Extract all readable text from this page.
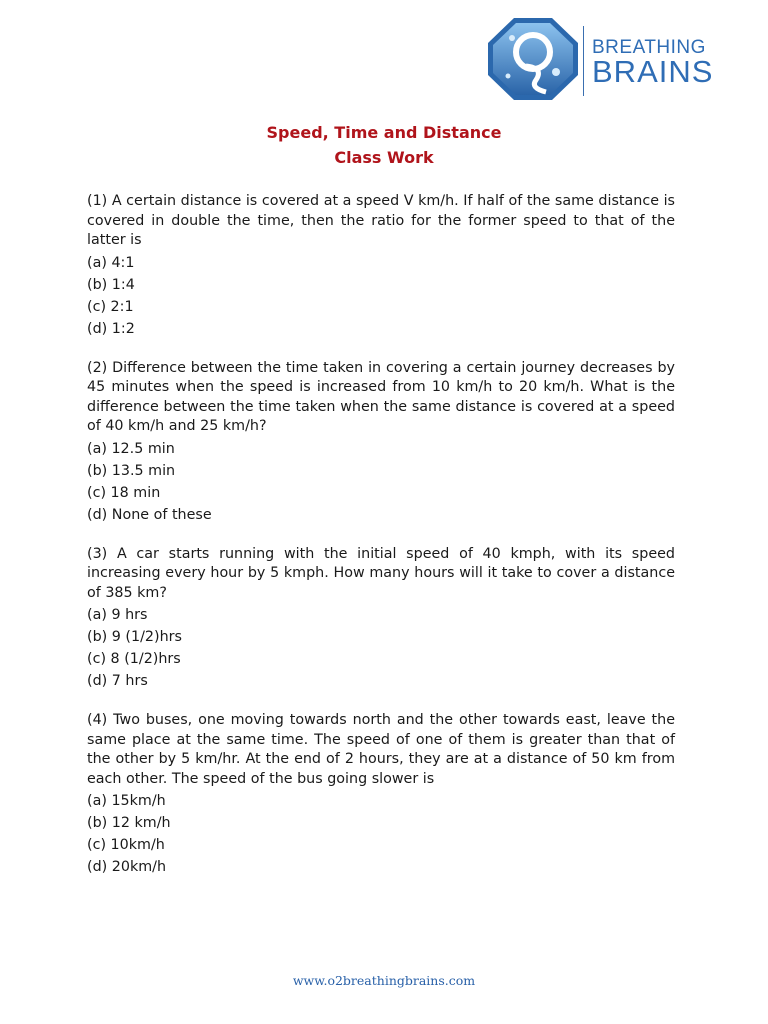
BREATHING
BRAINS
Speed, Time and Distance
Class Work

(1) A certain distance is covered at a speed V km/h. If half of the same distance is covered in double the time, then the ratio for the former speed to that of the latter is

(a) 4:1
(b) 1:4
(c) 2:1
(d) 1:2

(2) Difference between the time taken in covering a certain journey decreases by 45 minutes when the speed is increased from 10 km/h to 20 km/h. What is the difference between the time taken when the same distance is covered at a speed of 40 km/h and 25 km/h?

(a) 12.5 min
(b) 13.5 min
(c) 18 min
(d) None of these

(3) A car starts running with the initial speed of 40 kmph, with its speed increasing every hour by 5 kmph. How many hours will it take to cover a distance of 385 km?

(a) 9 hrs
(b) 9 (1/2)hrs
(c) 8 (1/2)hrs
(d) 7 hrs

(4) Two buses, one moving towards north and the other towards east, leave the same place at the same time. The speed of one of them is greater than that of the other by 5 km/hr. At the end of 2 hours, they are at a distance of 50 km from each other. The speed of the bus going slower is

(a) 15km/h
(b) 12 km/h
(c) 10km/h
(d) 20km/h
www.o2breathingbrains.com
